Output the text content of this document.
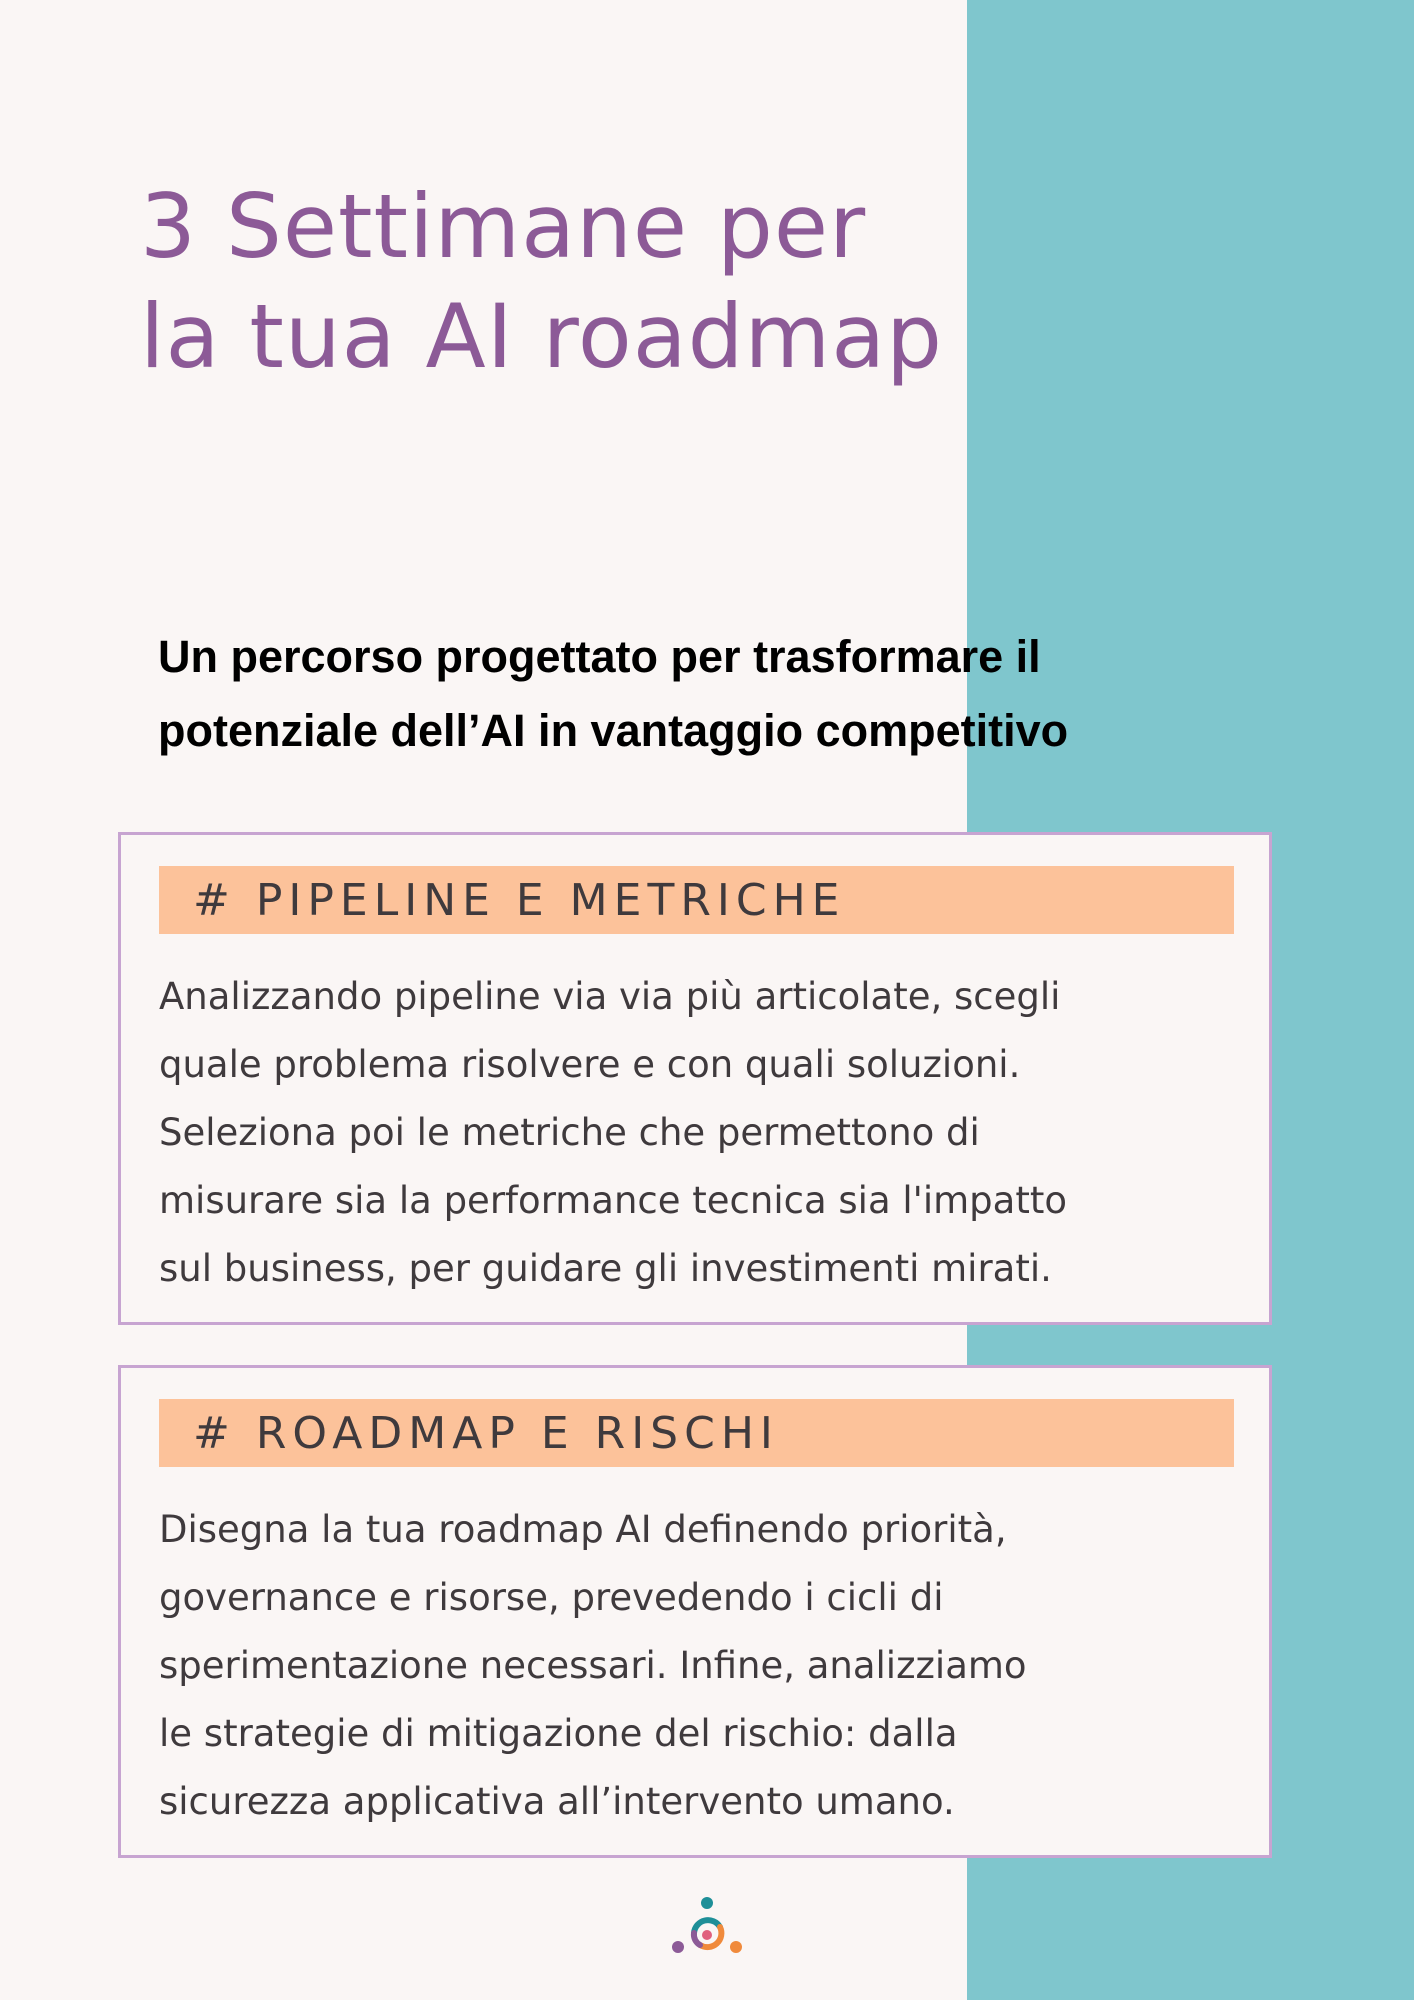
3 Settimane per
la tua AI roadmap

Un percorso progettato per trasformare il
potenziale dell’AI in vantaggio competitivo

# PIPELINE E METRICHE

Analizzando pipeline via via più articolate, scegli
quale problema risolvere e con quali soluzioni.
Seleziona poi le metriche che permettono di
misurare sia la performance tecnica sia l'impatto
sul business, per guidare gli investimenti mirati.

# ROADMAP E RISCHI

Disegna la tua roadmap AI definendo priorità,
governance e risorse, prevedendo i cicli di
sperimentazione necessari. Infine, analizziamo
le strategie di mitigazione del rischio: dalla
sicurezza applicativa all’intervento umano.
